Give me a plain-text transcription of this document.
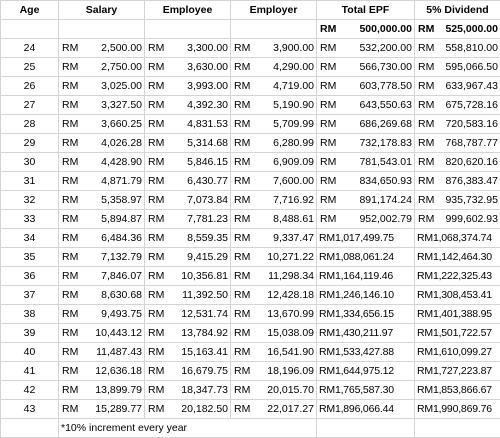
Age	Salary	Employee	Employer	Total EPF	5% Dividend

				RM 500,000.00	RM 525,000.00

24	RM 2,500.00	RM 3,300.00	RM 3,900.00	RM 532,200.00	RM 558,810.00

25	RM 2,750.00	RM 3,630.00	RM 4,290.00	RM 566,730.00	RM 595,066.50

26	RM 3,025.00	RM 3,993.00	RM 4,719.00	RM 603,778.50	RM 633,967.43

27	RM 3,327.50	RM 4,392.30	RM 5,190.90	RM 643,550.63	RM 675,728.16

28	RM 3,660.25	RM 4,831.53	RM 5,709.99	RM 686,269.68	RM 720,583.16

29	RM 4,026.28	RM 5,314.68	RM 6,280.99	RM 732,178.83	RM 768,787.77

30	RM 4,428.90	RM 5,846.15	RM 6,909.09	RM 781,543.01	RM 820,620.16

31	RM 4,871.79	RM 6,430.77	RM 7,600.00	RM 834,650.93	RM 876,383.47

32	RM 5,358.97	RM 7,073.84	RM 7,716.92	RM 891,174.24	RM 935,732.95

33	RM 5,894.87	RM 7,781.23	RM 8,488.61	RM 952,002.79	RM 999,602.93

34	RM 6,484.36	RM 8,559.35	RM 9,337.47	RM1,017,499.75	RM1,068,374.74

35	RM 7,132.79	RM 9,415.29	RM 10,271.22	RM1,088,061.24	RM1,142,464.30

36	RM 7,846.07	RM 10,356.81	RM 11,298.34	RM1,164,119.46	RM1,222,325.43

37	RM 8,630.68	RM 11,392.50	RM 12,428.18	RM1,246,146.10	RM1,308,453.41

38	RM 9,493.75	RM 12,531.74	RM 13,670.99	RM1,334,656.15	RM1,401,388.95

39	RM 10,443.12	RM 13,784.92	RM 15,038.09	RM1,430,211.97	RM1,501,722.57

40	RM 11,487.43	RM 15,163.41	RM 16,541.90	RM1,533,427.88	RM1,610,099.27

41	RM 12,636.18	RM 16,679.75	RM 18,196.09	RM1,644,975.12	RM1,727,223.87

42	RM 13,899.79	RM 18,347.73	RM 20,015.70	RM1,765,587.30	RM1,853,866.67

43	RM 15,289.77	RM 20,182.50	RM 22,017.27	RM1,896,066.44	RM1,990,869.76

	*10% increment every year				
